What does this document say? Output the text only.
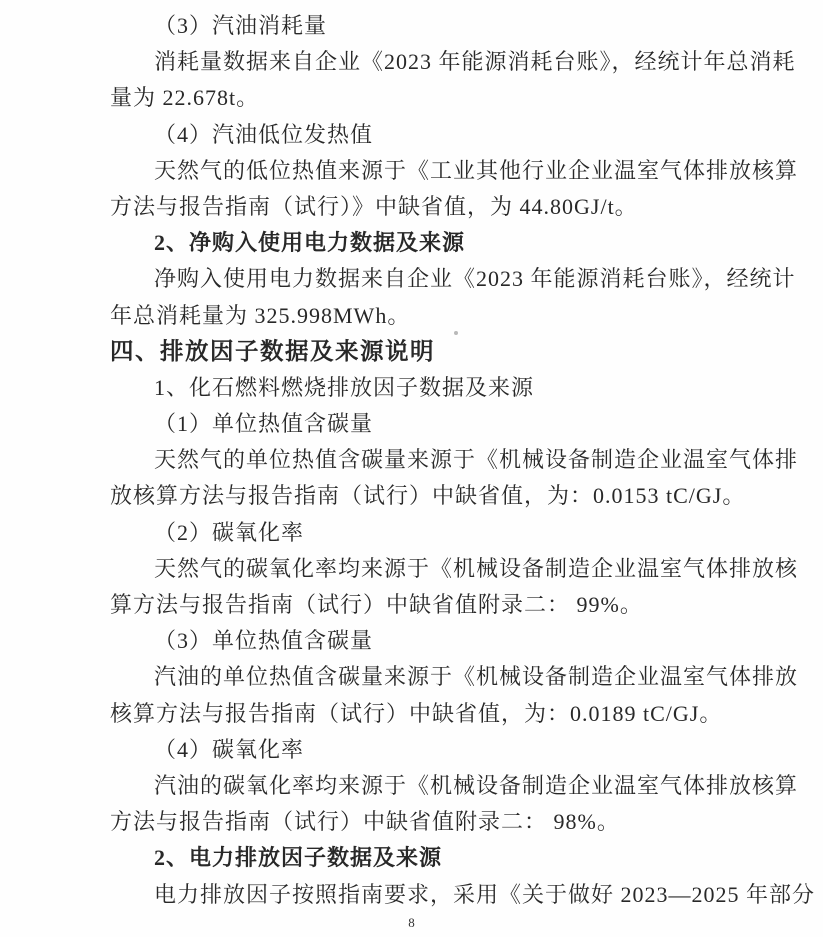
（3）汽油消耗量
消耗量数据来自企业《2023 年能源消耗台账》，经统计年总消耗
量为 22.678t。
（4）汽油低位发热值
天然气的低位热值来源于《工业其他行业企业温室气体排放核算
方法与报告指南（试行）》中缺省值，为 44.80GJ/t。
2、净购入使用电力数据及来源
净购入使用电力数据来自企业《2023 年能源消耗台账》，经统计
年总消耗量为 325.998MWh。
四、排放因子数据及来源说明
1、化石燃料燃烧排放因子数据及来源
（1）单位热值含碳量
天然气的单位热值含碳量来源于《机械设备制造企业温室气体排
放核算方法与报告指南（试行）中缺省值，为：0.0153 tC/GJ。
（2）碳氧化率
天然气的碳氧化率均来源于《机械设备制造企业温室气体排放核
算方法与报告指南（试行）中缺省值附录二： 99%。
（3）单位热值含碳量
汽油的单位热值含碳量来源于《机械设备制造企业温室气体排放
核算方法与报告指南（试行）中缺省值，为：0.0189 tC/GJ。
（4）碳氧化率
汽油的碳氧化率均来源于《机械设备制造企业温室气体排放核算
方法与报告指南（试行）中缺省值附录二： 98%。
2、电力排放因子数据及来源
电力排放因子按照指南要求，采用《关于做好 2023—2025 年部分
8
